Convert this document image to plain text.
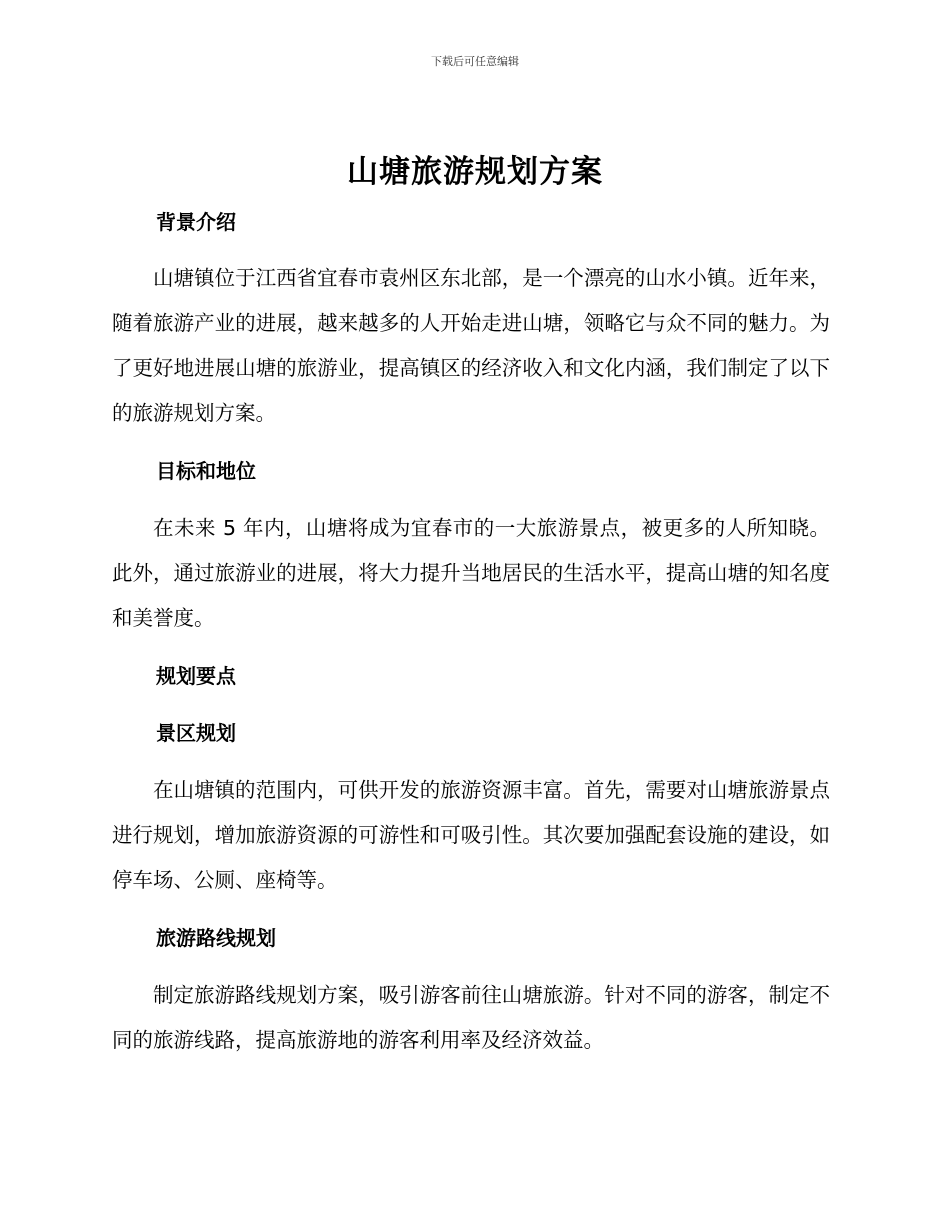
下载后可任意编辑
山塘旅游规划方案
背景介绍

山塘镇位于江西省宜春市袁州区东北部，是一个漂亮的山水小镇。近年来，随着旅游产业的进展，越来越多的人开始走进山塘，领略它与众不同的魅力。为了更好地进展山塘的旅游业，提高镇区的经济收入和文化内涵，我们制定了以下的旅游规划方案。

目标和地位

在未来 5 年内，山塘将成为宜春市的一大旅游景点，被更多的人所知晓。此外，通过旅游业的进展，将大力提升当地居民的生活水平，提高山塘的知名度和美誉度。

规划要点
景区规划

在山塘镇的范围内，可供开发的旅游资源丰富。首先，需要对山塘旅游景点进行规划，增加旅游资源的可游性和可吸引性。其次要加强配套设施的建设，如停车场、公厕、座椅等。

旅游路线规划

制定旅游路线规划方案，吸引游客前往山塘旅游。针对不同的游客，制定不同的旅游线路，提高旅游地的游客利用率及经济效益。
